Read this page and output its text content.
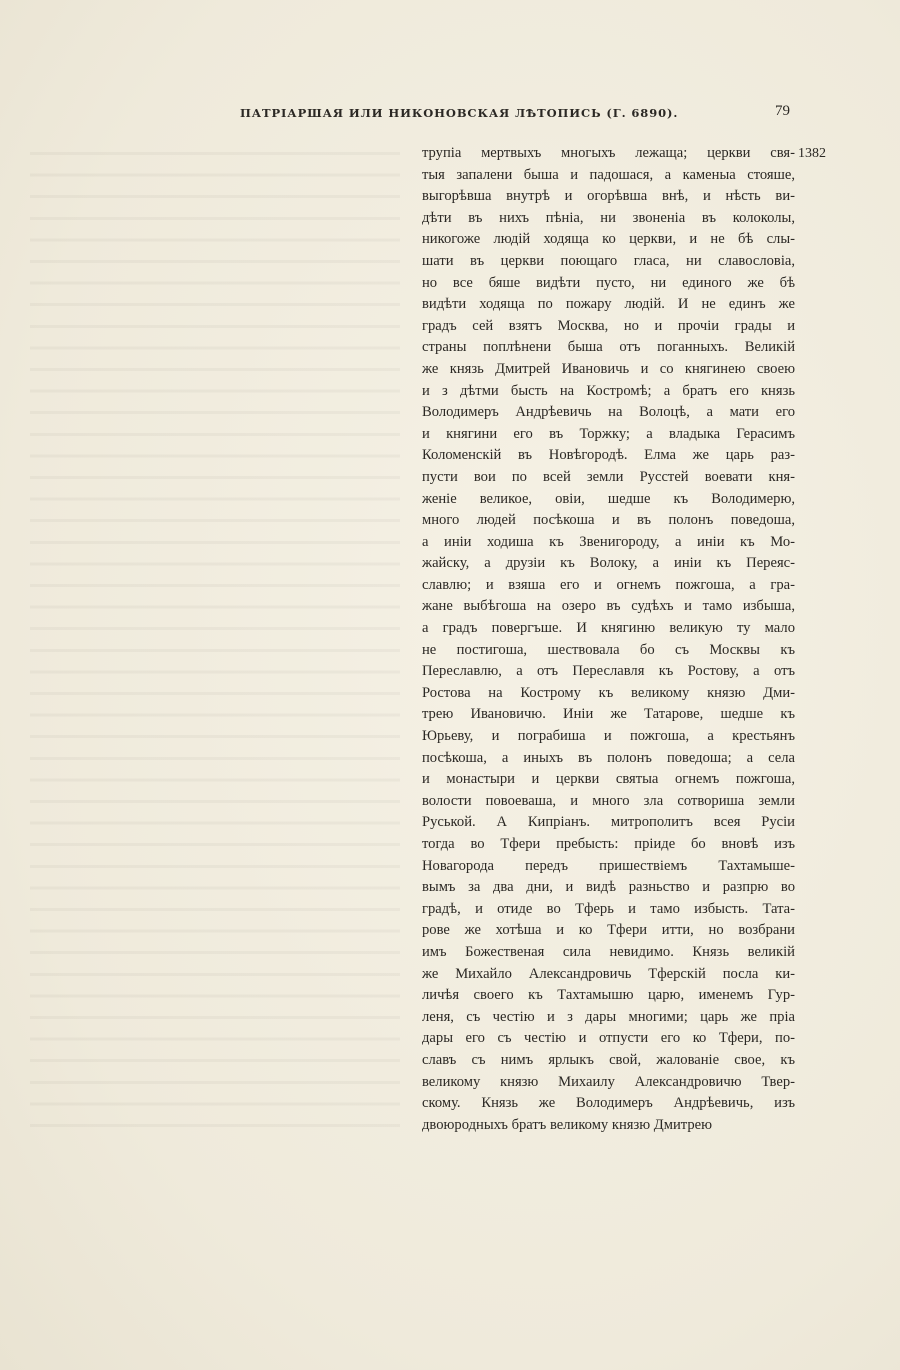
ПАТРІАРШАЯ ИЛИ НИКОНОВСКАЯ ЛѢТОПИСЬ (Г. 6890).	79
1382
трупіа мертвыхъ многыхъ лежаща; церкви свя-
тыя запалени быша и падошася, а каменыа стояше,
выгорѣвша внутрѣ и огорѣвша внѣ, и нѣсть ви-
дѣти въ нихъ пѣніа, ни звоненіа въ колоколы,
никогоже людій ходяща ко церкви, и не бѣ слы-
шати въ церкви поющаго гласа, ни славословіа,
но все бяше видѣти пусто, ни единого же бѣ
видѣти ходяща по пожару людій. И не единъ же
градъ сей взятъ Москва, но и прочіи грады и
страны поплѣнени быша отъ поганныхъ. Великій
же князь Дмитрей Ивановичь и со княгинею своею
и з дѣтми бысть на Костромѣ; а братъ его князь
Володимеръ Андрѣевичь на Волоцѣ, а мати его
и княгини его въ Торжку; а владыка Герасимъ
Коломенскій въ Новѣгородѣ. Елма же царь раз-
пусти вои по всей земли Руcстей воевати кня-
женіе великое, овіи, шедше къ Володимерю,
много людей посѣкоша и въ полонъ поведоша,
а иніи ходиша къ Звенигороду, а иніи къ Мо-
жайску, а друзіи къ Волоку, а иніи къ Переяс-
славлю; и взяша его и огнемъ пожгоша, а гра-
жане выбѣгоша на озеро въ судѣхъ и тамо избыша,
а градъ повергъше. И княгиню великую ту мало
не постигоша, шествовала бо съ Москвы къ
Переславлю, а отъ Переславля къ Ростову, а отъ
Ростова на Кострому къ великому князю Дми-
трею Ивановичю. Иніи же Татарове, шедше къ
Юрьеву, и пограбиша и пожгоша, а крестьянъ
посѣкоша, а иныхъ въ полонъ поведоша; а села
и монастыри и церкви святыа огнемъ пожгоша,
волости повоеваша, и много зла сотвориша земли
Руськой. А Кипріанъ. митрополитъ всея Русіи
тогда во Тфери пребысть: пріиде бо вновѣ изъ
Новагорода передъ пришествіемъ Тахтамыше-
вымъ за два дни, и видѣ разньство и разпрю во
градѣ, и отиде во Тферь и тамо избысть. Тата-
рове же хотѣша и ко Тфери итти, но возбрани
имъ Божественая сила невидимо. Князь великій
же Михайло Александровичь Тферскій посла ки-
личѣя своего къ Тахтамышю царю, именемъ Гур-
леня, съ честію и з дары многими; царь же пріа
дары его съ честію и отпусти его ко Тфери, по-
славъ съ нимъ ярлыкъ свой, жалованіе свое, къ
великому князю Михаилу Александровичю Твер-
скому. Князь же Володимеръ Андрѣевичь, изъ
двоюродныхъ братъ великому князю Дмитрею
